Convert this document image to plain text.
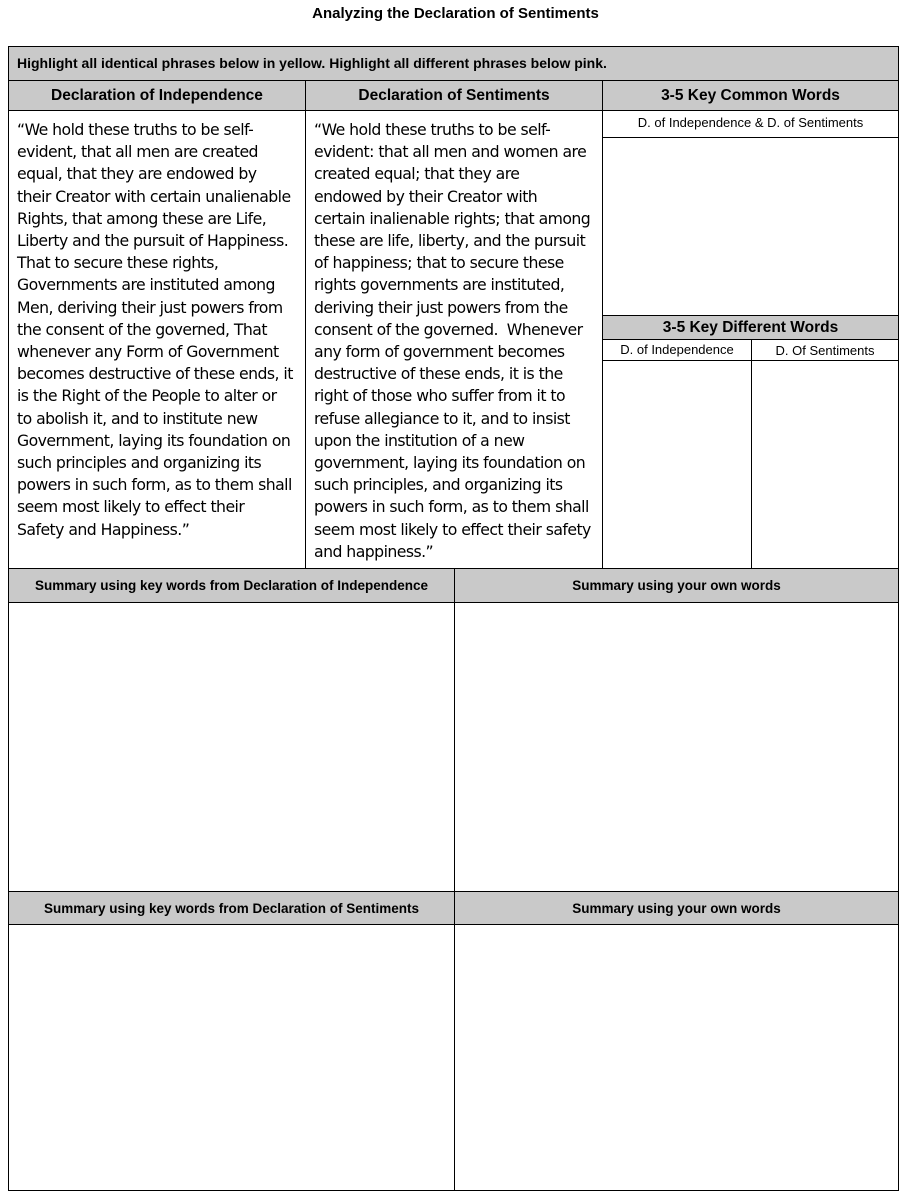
Analyzing the Declaration of Sentiments
Highlight all identical phrases below in yellow. Highlight all different phrases below pink.
Declaration of Independence	Declaration of Sentiments	3-5 Key Common Words
“We hold these truths to be self-
evident, that all men are created
equal, that they are endowed by
their Creator with certain unalienable
Rights, that among these are Life,
Liberty and the pursuit of Happiness.
That to secure these rights,
Governments are instituted among
Men, deriving their just powers from
the consent of the governed, That
whenever any Form of Government
becomes destructive of these ends, it
is the Right of the People to alter or
to abolish it, and to institute new
Government, laying its foundation on
such principles and organizing its
powers in such form, as to them shall
seem most likely to effect their
Safety and Happiness.”
“We hold these truths to be self-
evident: that all men and women are
created equal; that they are
endowed by their Creator with
certain inalienable rights; that among
these are life, liberty, and the pursuit
of happiness; that to secure these
rights governments are instituted,
deriving their just powers from the
consent of the governed.  Whenever
any form of government becomes
destructive of these ends, it is the
right of those who suffer from it to
refuse allegiance to it, and to insist
upon the institution of a new
government, laying its foundation on
such principles, and organizing its
powers in such form, as to them shall
seem most likely to effect their safety
and happiness.”
D. of Independence & D. of Sentiments
3-5 Key Different Words
D. of Independence	D. Of Sentiments
Summary using key words from Declaration of Independence	Summary using your own words
Summary using key words from Declaration of Sentiments	Summary using your own words
